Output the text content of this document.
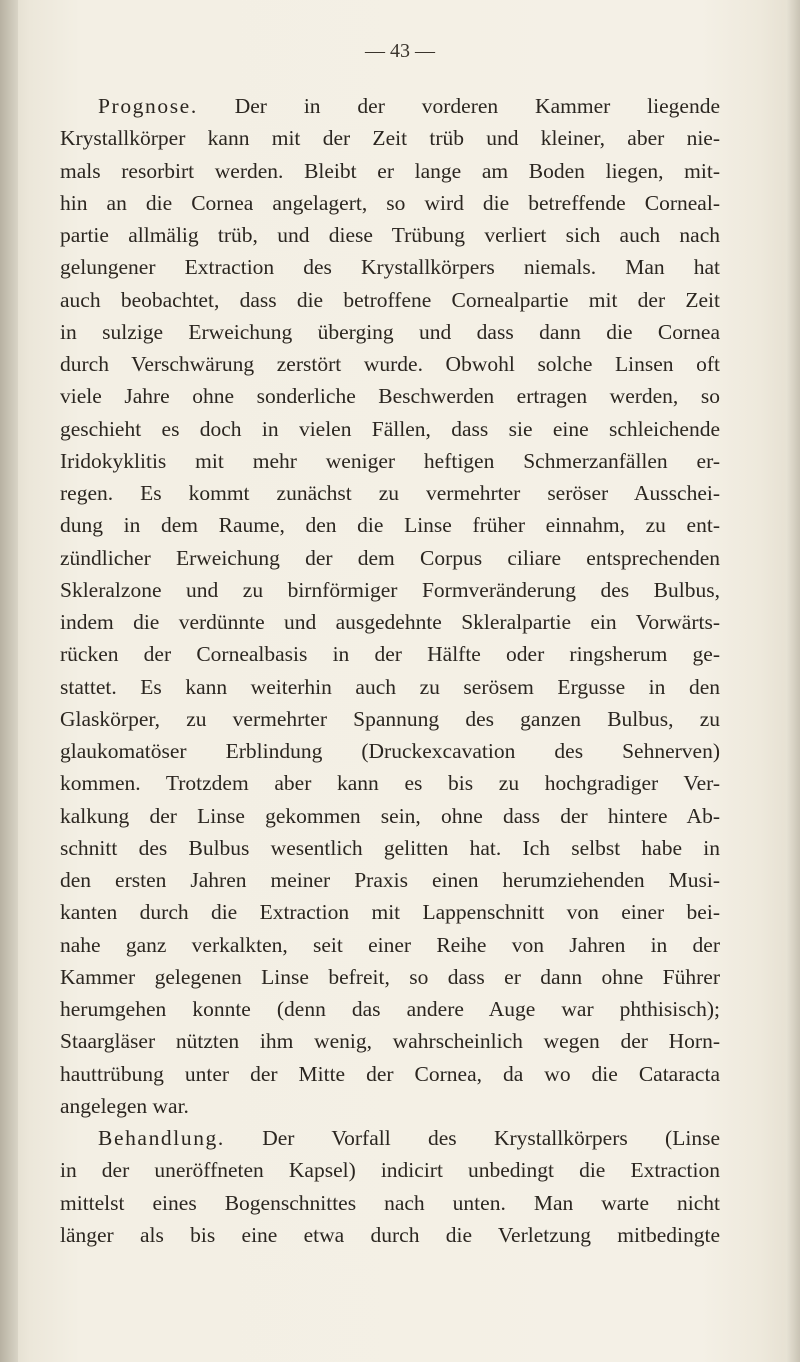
— 43 —
Prognose. Der in der vorderen Kammer liegende
Krystallkörper kann mit der Zeit trüb und kleiner, aber nie-
mals resorbirt werden. Bleibt er lange am Boden liegen, mit-
hin an die Cornea angelagert, so wird die betreffende Corneal-
partie allmälig trüb, und diese Trübung verliert sich auch nach
gelungener Extraction des Krystallkörpers niemals. Man hat
auch beobachtet, dass die betroffene Cornealpartie mit der Zeit
in sulzige Erweichung überging und dass dann die Cornea
durch Verschwärung zerstört wurde. Obwohl solche Linsen oft
viele Jahre ohne sonderliche Beschwerden ertragen werden, so
geschieht es doch in vielen Fällen, dass sie eine schleichende
Iridokyklitis mit mehr weniger heftigen Schmerzanfällen er-
regen. Es kommt zunächst zu vermehrter seröser Ausschei-
dung in dem Raume, den die Linse früher einnahm, zu ent-
zündlicher Erweichung der dem Corpus ciliare entsprechenden
Skleralzone und zu birnförmiger Formveränderung des Bulbus,
indem die verdünnte und ausgedehnte Skleralpartie ein Vorwärts-
rücken der Cornealbasis in der Hälfte oder ringsherum ge-
stattet. Es kann weiterhin auch zu serösem Ergusse in den
Glaskörper, zu vermehrter Spannung des ganzen Bulbus, zu
glaukomatöser Erblindung (Druckexcavation des Sehnerven)
kommen. Trotzdem aber kann es bis zu hochgradiger Ver-
kalkung der Linse gekommen sein, ohne dass der hintere Ab-
schnitt des Bulbus wesentlich gelitten hat. Ich selbst habe in
den ersten Jahren meiner Praxis einen herumziehenden Musi-
kanten durch die Extraction mit Lappenschnitt von einer bei-
nahe ganz verkalkten, seit einer Reihe von Jahren in der
Kammer gelegenen Linse befreit, so dass er dann ohne Führer
herumgehen konnte (denn das andere Auge war phthisisch);
Staargläser nützten ihm wenig, wahrscheinlich wegen der Horn-
hauttrübung unter der Mitte der Cornea, da wo die Cataracta
angelegen war.
Behandlung. Der Vorfall des Krystallkörpers (Linse
in der uneröffneten Kapsel) indicirt unbedingt die Extraction
mittelst eines Bogenschnittes nach unten. Man warte nicht
länger als bis eine etwa durch die Verletzung mitbedingte
